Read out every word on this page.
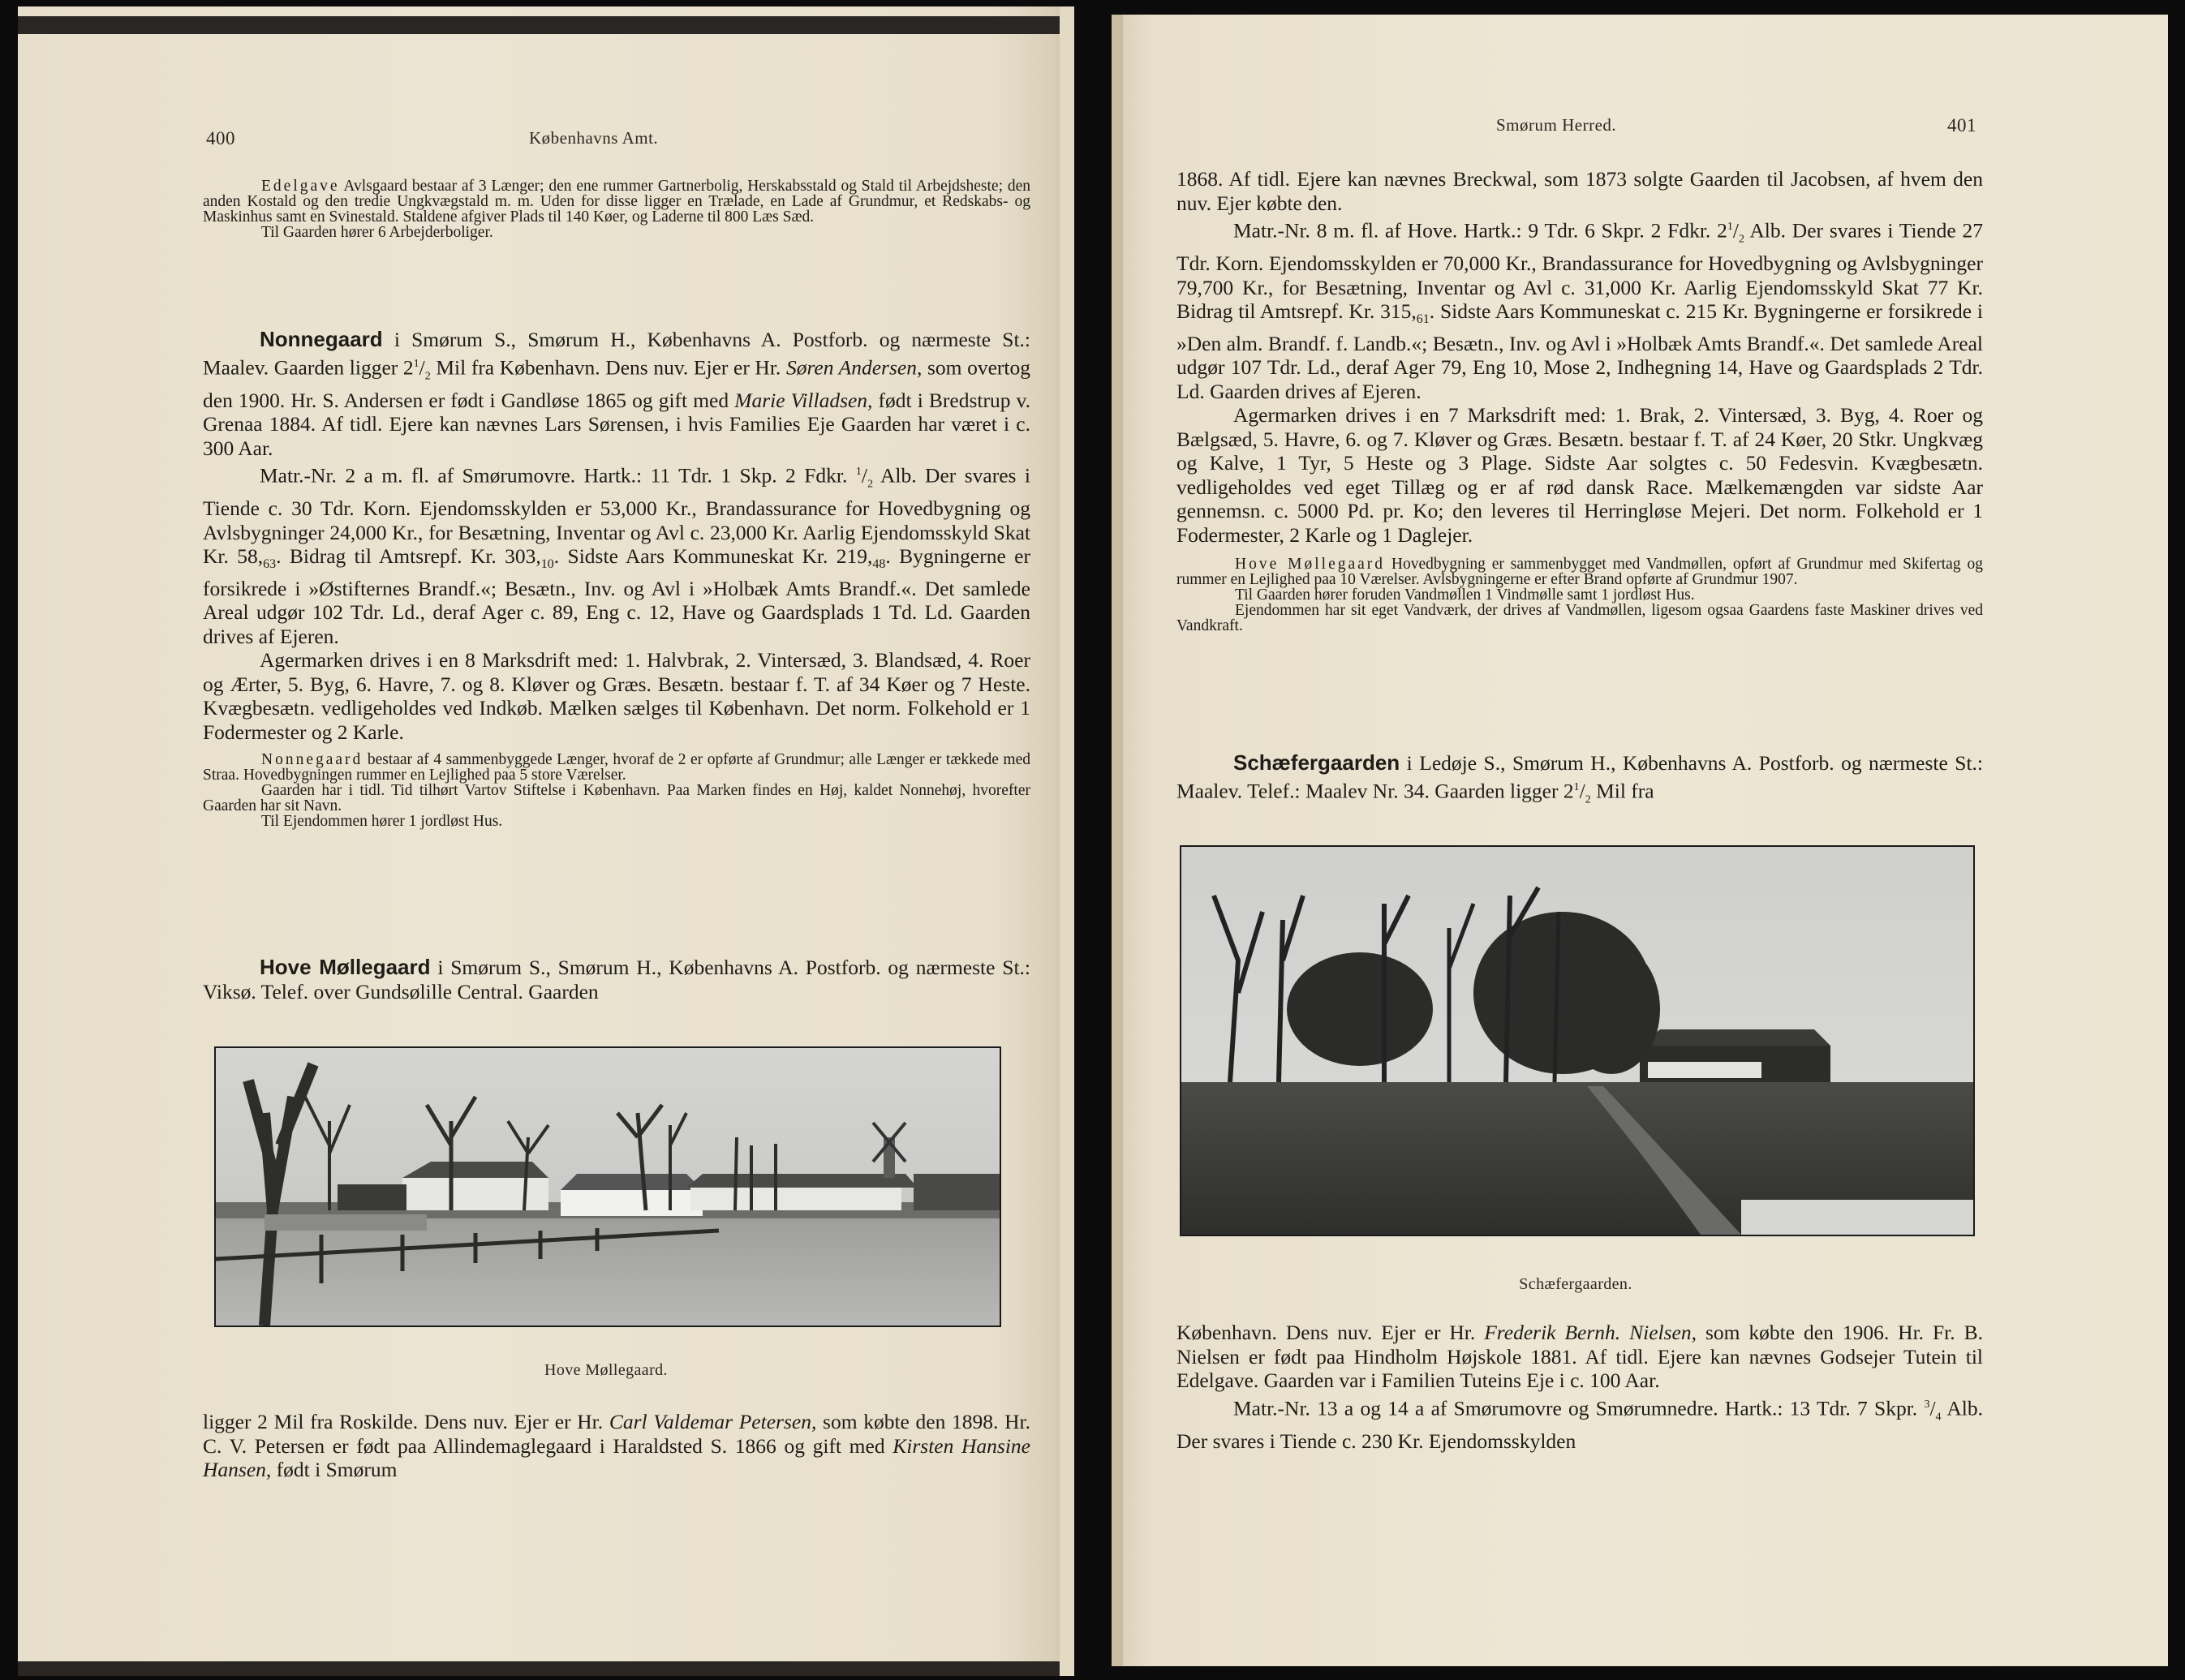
400	Københavns Amt.

Edelgave Avlsgaard bestaar af 3 Længer; den ene rummer Gartnerbolig, Herskabsstald og Stald til Arbejdsheste; den anden Kostald og den tredie Ungkvægstald m. m. Uden for disse ligger en Trælade, en Lade af Grundmur, et Redskabs- og Maskinhus samt en Svinestald. Staldene afgiver Plads til 140 Køer, og Laderne til 800 Læs Sæd.

Til Gaarden hører 6 Arbejderboliger.

Nonnegaard i Smørum S., Smørum H., Københavns A. Postforb. og nærmeste St.: Maalev. Gaarden ligger $2^1/_2$ Mil fra København. Dens nuv. Ejer er Hr. Søren Andersen, som overtog den 1900. Hr. S. Andersen er født i Gandløse 1865 og gift med Marie Villadsen, født i Bredstrup v. Grenaa 1884. Af tidl. Ejere kan nævnes Lars Sørensen, i hvis Families Eje Gaarden har været i c. 300 Aar.

Matr.-Nr. 2 a m. fl. af Smørumovre. Hartk.: 11 Tdr. 1 Skp. 2 Fdkr. $^1/_2$ Alb. Der svares i Tiende c. 30 Tdr. Korn. Ejendomsskylden er 53,000 Kr., Brandassurance for Hovedbygning og Avlsbygninger 24,000 Kr., for Besætning, Inventar og Avl c. 23,000 Kr. Aarlig Ejendomsskyld Skat Kr. $58,_{63}$. Bidrag til Amtsrepf. Kr. $303,_{10}$. Sidste Aars Kommuneskat Kr. $219,_{48}$. Bygningerne er forsikrede i »Østifternes Brandf.«; Besætn., Inv. og Avl i »Holbæk Amts Brandf.«. Det samlede Areal udgør 102 Tdr. Ld., deraf Ager c. 89, Eng c. 12, Have og Gaardsplads 1 Td. Ld. Gaarden drives af Ejeren.

Agermarken drives i en 8 Marksdrift med: 1. Halvbrak, 2. Vintersæd, 3. Blandsæd, 4. Roer og Ærter, 5. Byg, 6. Havre, 7. og 8. Kløver og Græs. Besætn. bestaar f. T. af 34 Køer og 7 Heste. Kvægbesætn. vedligeholdes ved Indkøb. Mælken sælges til København. Det norm. Folkehold er 1 Fodermester og 2 Karle.

Nonnegaard bestaar af 4 sammenbyggede Længer, hvoraf de 2 er opførte af Grundmur; alle Længer er tækkede med Straa. Hovedbygningen rummer en Lejlighed paa 5 store Værelser.

Gaarden har i tidl. Tid tilhørt Vartov Stiftelse i København. Paa Marken findes en Høj, kaldet Nonnehøj, hvorefter Gaarden har sit Navn.

Til Ejendommen hører 1 jordløst Hus.

Hove Møllegaard i Smørum S., Smørum H., Københavns A. Postforb. og nærmeste St.: Viksø. Telef. over Gundsølille Central. Gaarden

Hove Møllegaard.

ligger 2 Mil fra Roskilde. Dens nuv. Ejer er Hr. Carl Valdemar Petersen, som købte den 1898. Hr. C. V. Petersen er født paa Allindemaglegaard i Haraldsted S. 1866 og gift med Kirsten Hansine Hansen, født i Smørum

Smørum Herred.	401

1868. Af tidl. Ejere kan nævnes Breckwal, som 1873 solgte Gaarden til Jacobsen, af hvem den nuv. Ejer købte den.

Matr.-Nr. 8 m. fl. af Hove. Hartk.: 9 Tdr. 6 Skpr. 2 Fdkr. $2^1/_2$ Alb. Der svares i Tiende 27 Tdr. Korn. Ejendomsskylden er 70,000 Kr., Brandassurance for Hovedbygning og Avlsbygninger 79,700 Kr., for Besætning, Inventar og Avl c. 31,000 Kr. Aarlig Ejendomsskyld Skat 77 Kr. Bidrag til Amtsrepf. Kr. $315,_{61}$. Sidste Aars Kommuneskat c. 215 Kr. Bygningerne er forsikrede i »Den alm. Brandf. f. Landb.«; Besætn., Inv. og Avl i »Holbæk Amts Brandf.«. Det samlede Areal udgør 107 Tdr. Ld., deraf Ager 79, Eng 10, Mose 2, Indhegning 14, Have og Gaardsplads 2 Tdr. Ld. Gaarden drives af Ejeren.

Agermarken drives i en 7 Marksdrift med: 1. Brak, 2. Vintersæd, 3. Byg, 4. Roer og Bælgsæd, 5. Havre, 6. og 7. Kløver og Græs. Besætn. bestaar f. T. af 24 Køer, 20 Stkr. Ungkvæg og Kalve, 1 Tyr, 5 Heste og 3 Plage. Sidste Aar solgtes c. 50 Fedesvin. Kvægbesætn. vedligeholdes ved eget Tillæg og er af rød dansk Race. Mælkemængden var sidste Aar gennemsn. c. 5000 Pd. pr. Ko; den leveres til Herringløse Mejeri. Det norm. Folkehold er 1 Fodermester, 2 Karle og 1 Daglejer.

Hove Møllegaard Hovedbygning er sammenbygget med Vandmøllen, opført af Grundmur med Skifertag og rummer en Lejlighed paa 10 Værelser. Avlsbygningerne er efter Brand opførte af Grundmur 1907.

Til Gaarden hører foruden Vandmøllen 1 Vindmølle samt 1 jordløst Hus.

Ejendommen har sit eget Vandværk, der drives af Vandmøllen, ligesom ogsaa Gaardens faste Maskiner drives ved Vandkraft.

Schæfergaarden i Ledøje S., Smørum H., Københavns A. Postforb. og nærmeste St.: Maalev. Telef.: Maalev Nr. 34. Gaarden ligger $2^1/_2$ Mil fra

Schæfergaarden.

København. Dens nuv. Ejer er Hr. Frederik Bernh. Nielsen, som købte den 1906. Hr. Fr. B. Nielsen er født paa Hindholm Højskole 1881. Af tidl. Ejere kan nævnes Godsejer Tutein til Edelgave. Gaarden var i Familien Tuteins Eje i c. 100 Aar.

Matr.-Nr. 13 a og 14 a af Smørumovre og Smørumnedre. Hartk.: 13 Tdr. 7 Skpr. $^3/_4$ Alb. Der svares i Tiende c. 230 Kr. Ejendomsskylden
